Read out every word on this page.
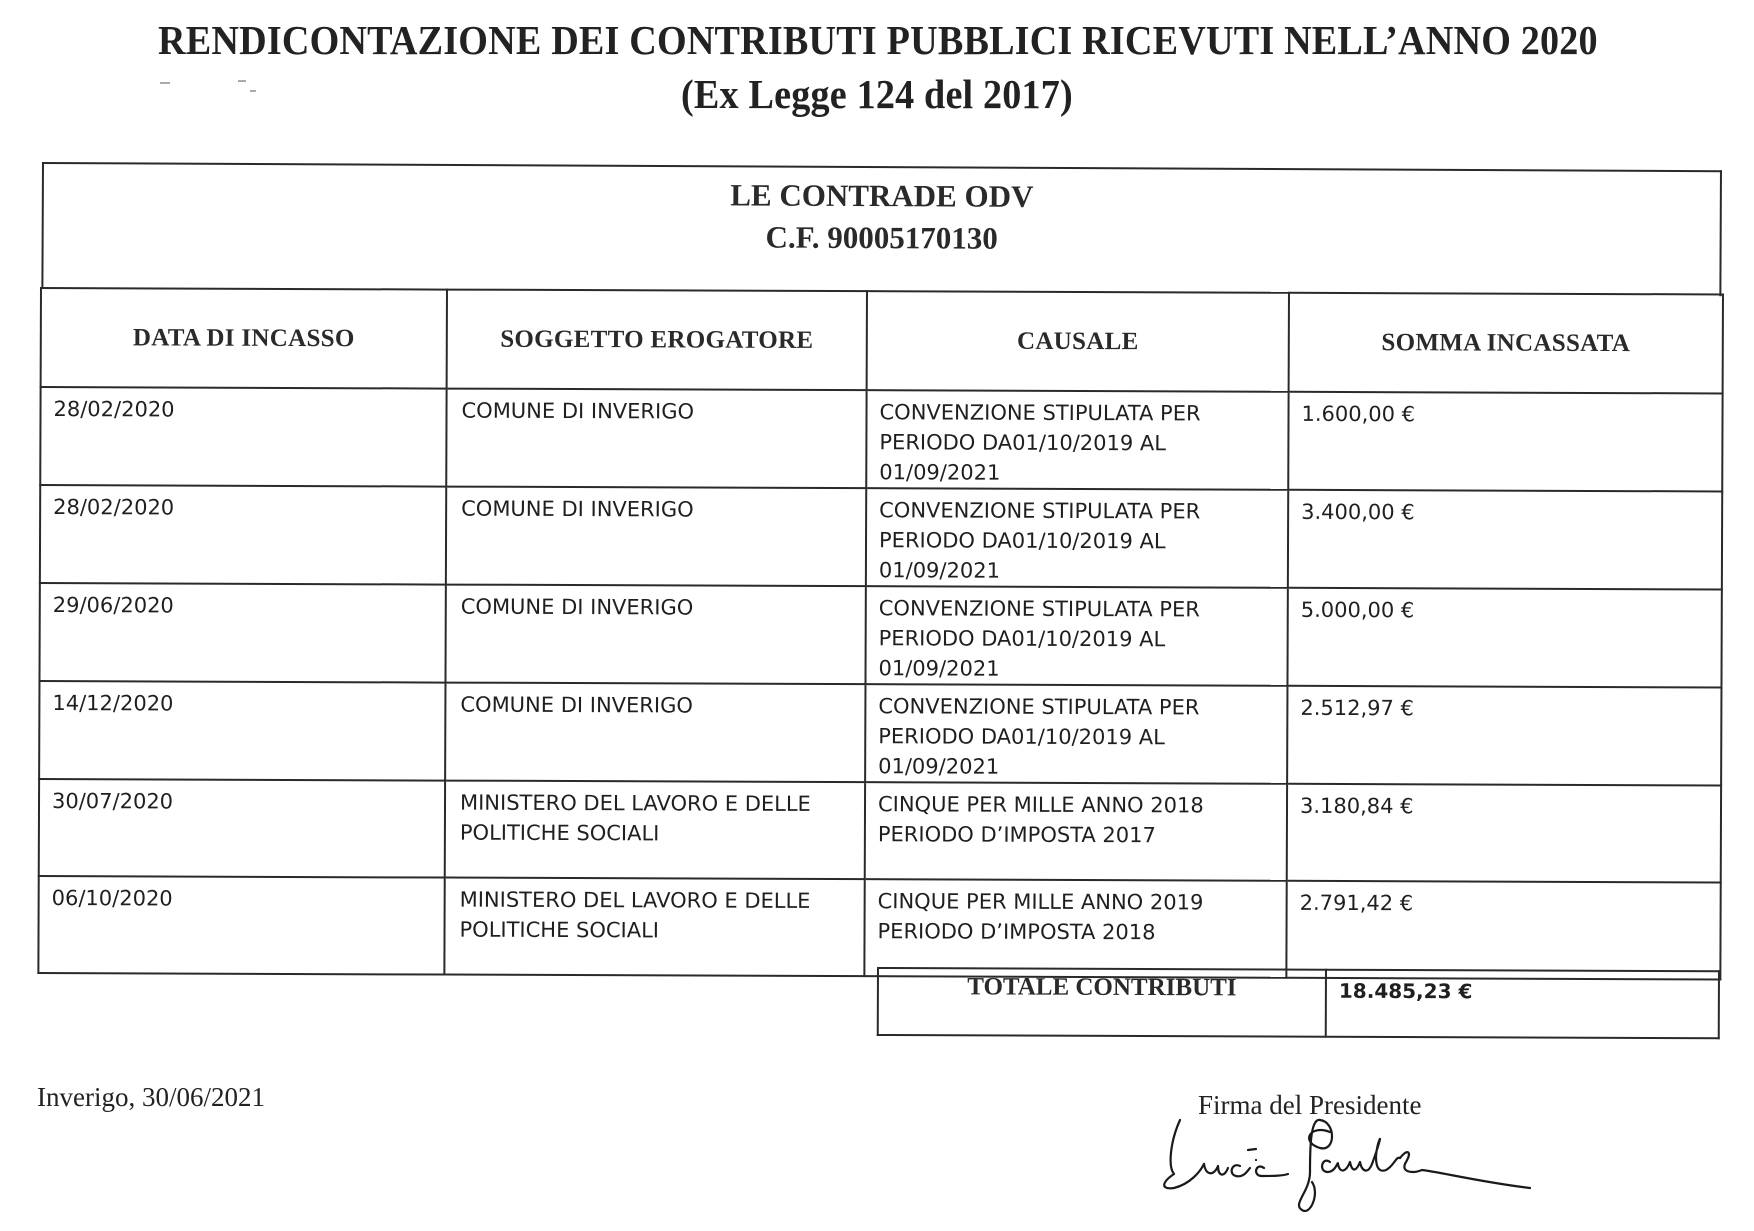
RENDICONTAZIONE DEI CONTRIBUTI PUBBLICI RICEVUTI NELL’ANNO 2020
(Ex Legge 124 del 2017)
LE CONTRADE ODV
C.F. 90005170130
DATA DI INCASSO	SOGGETTO EROGATORE	CAUSALE	SOMMA INCASSATA
28/02/2020	COMUNE DI INVERIGO	CONVENZIONE STIPULATA PER
PERIODO DA01/10/2019 AL
01/09/2021	1.600,00 €
28/02/2020	COMUNE DI INVERIGO	CONVENZIONE STIPULATA PER
PERIODO DA01/10/2019 AL
01/09/2021	3.400,00 €
29/06/2020	COMUNE DI INVERIGO	CONVENZIONE STIPULATA PER
PERIODO DA01/10/2019 AL
01/09/2021	5.000,00 €
14/12/2020	COMUNE DI INVERIGO	CONVENZIONE STIPULATA PER
PERIODO DA01/10/2019 AL
01/09/2021	2.512,97 €
30/07/2020	MINISTERO DEL LAVORO E DELLE
POLITICHE SOCIALI	CINQUE PER MILLE ANNO 2018
PERIODO D’IMPOSTA 2017	3.180,84 €
06/10/2020	MINISTERO DEL LAVORO E DELLE
POLITICHE SOCIALI	CINQUE PER MILLE ANNO 2019
PERIODO D’IMPOSTA 2018	2.791,42 €
TOTALE CONTRIBUTI	18.485,23 €
Inverigo, 30/06/2021	Firma del Presidente
